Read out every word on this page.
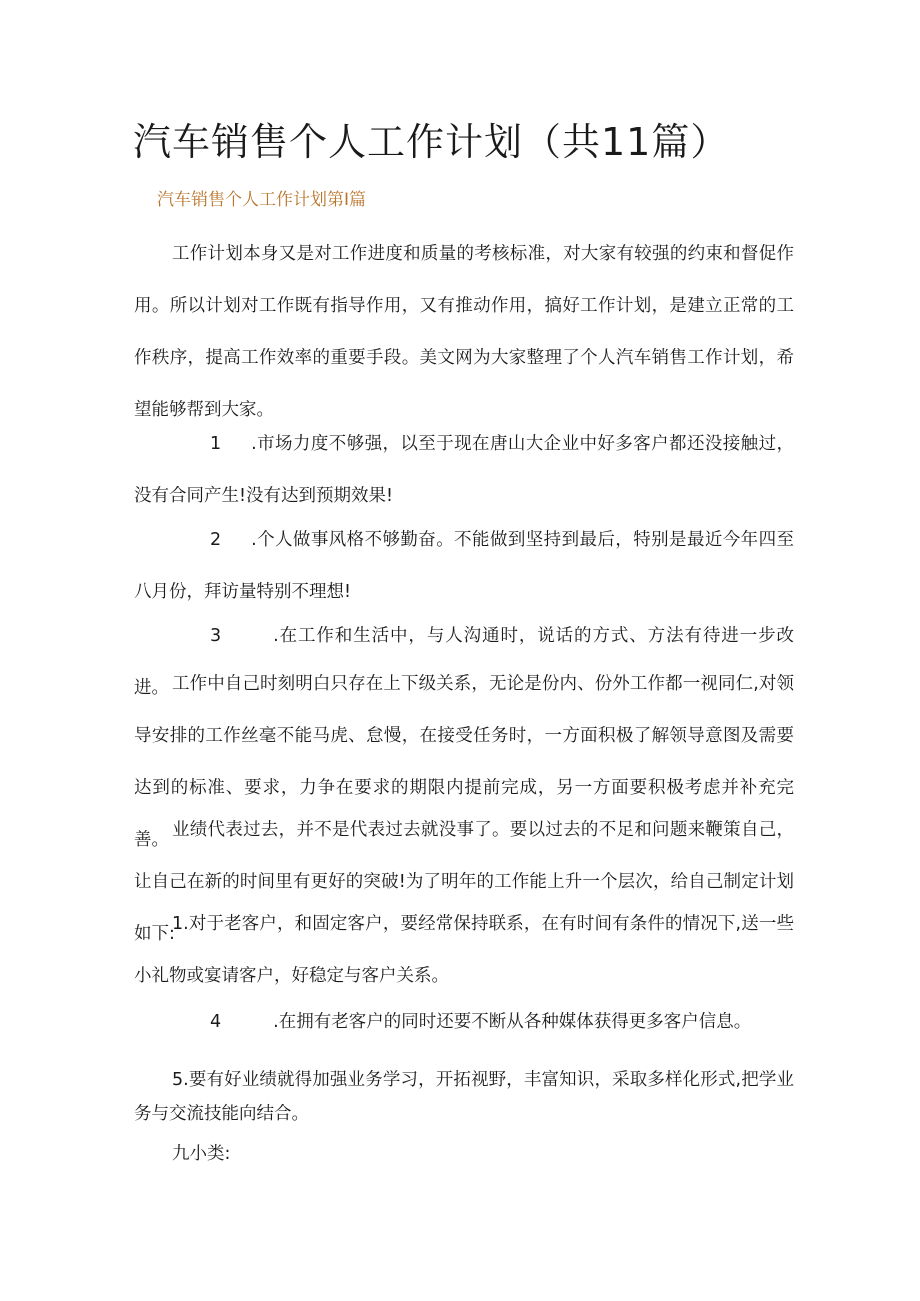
汽车销售个人工作计划（共11篇）
汽车销售个人工作计划第Ⅰ篇

工作计划本身又是对工作进度和质量的考核标准，对大家有较强的约束和督促作用。所以计划对工作既有指导作用，又有推动作用，搞好工作计划，是建立正常的工作秩序，提高工作效率的重要手段。美文网为大家整理了个人汽车销售工作计划，希望能够帮到大家。

1 .市场力度不够强，以至于现在唐山大企业中好多客户都还没接触过，没有合同产生!没有达到预期效果!

2 .个人做事风格不够勤奋。不能做到坚持到最后，特别是最近今年四至八月份，拜访量特别不理想!

3	.在工作和生活中，与人沟通时，说话的方式、方法有待进一步改进。 工作中自己时刻明白只存在上下级关系，无论是份内、份外工作都一视同仁,对领导安排的工作丝毫不能马虎、怠慢，在接受任务时，一方面积极了解领导意图及需要达到的标准、要求，力争在要求的期限内提前完成，另一方面要积极考虑并补充完善。 业绩代表过去，并不是代表过去就没事了。要以过去的不足和问题来鞭策自己，让自己在新的时间里有更好的突破!为了明年的工作能上升一个层次，给自己制定计划如下:

1.对于老客户，和固定客户，要经常保持联系，在有时间有条件的情况下,送一些小礼物或宴请客户，好稳定与客户关系。

4	.在拥有老客户的同时还要不断从各种媒体获得更多客户信息。

5.要有好业绩就得加强业务学习，开拓视野，丰富知识，采取多样化形式,把学业务与交流技能向结合。

九小类:
